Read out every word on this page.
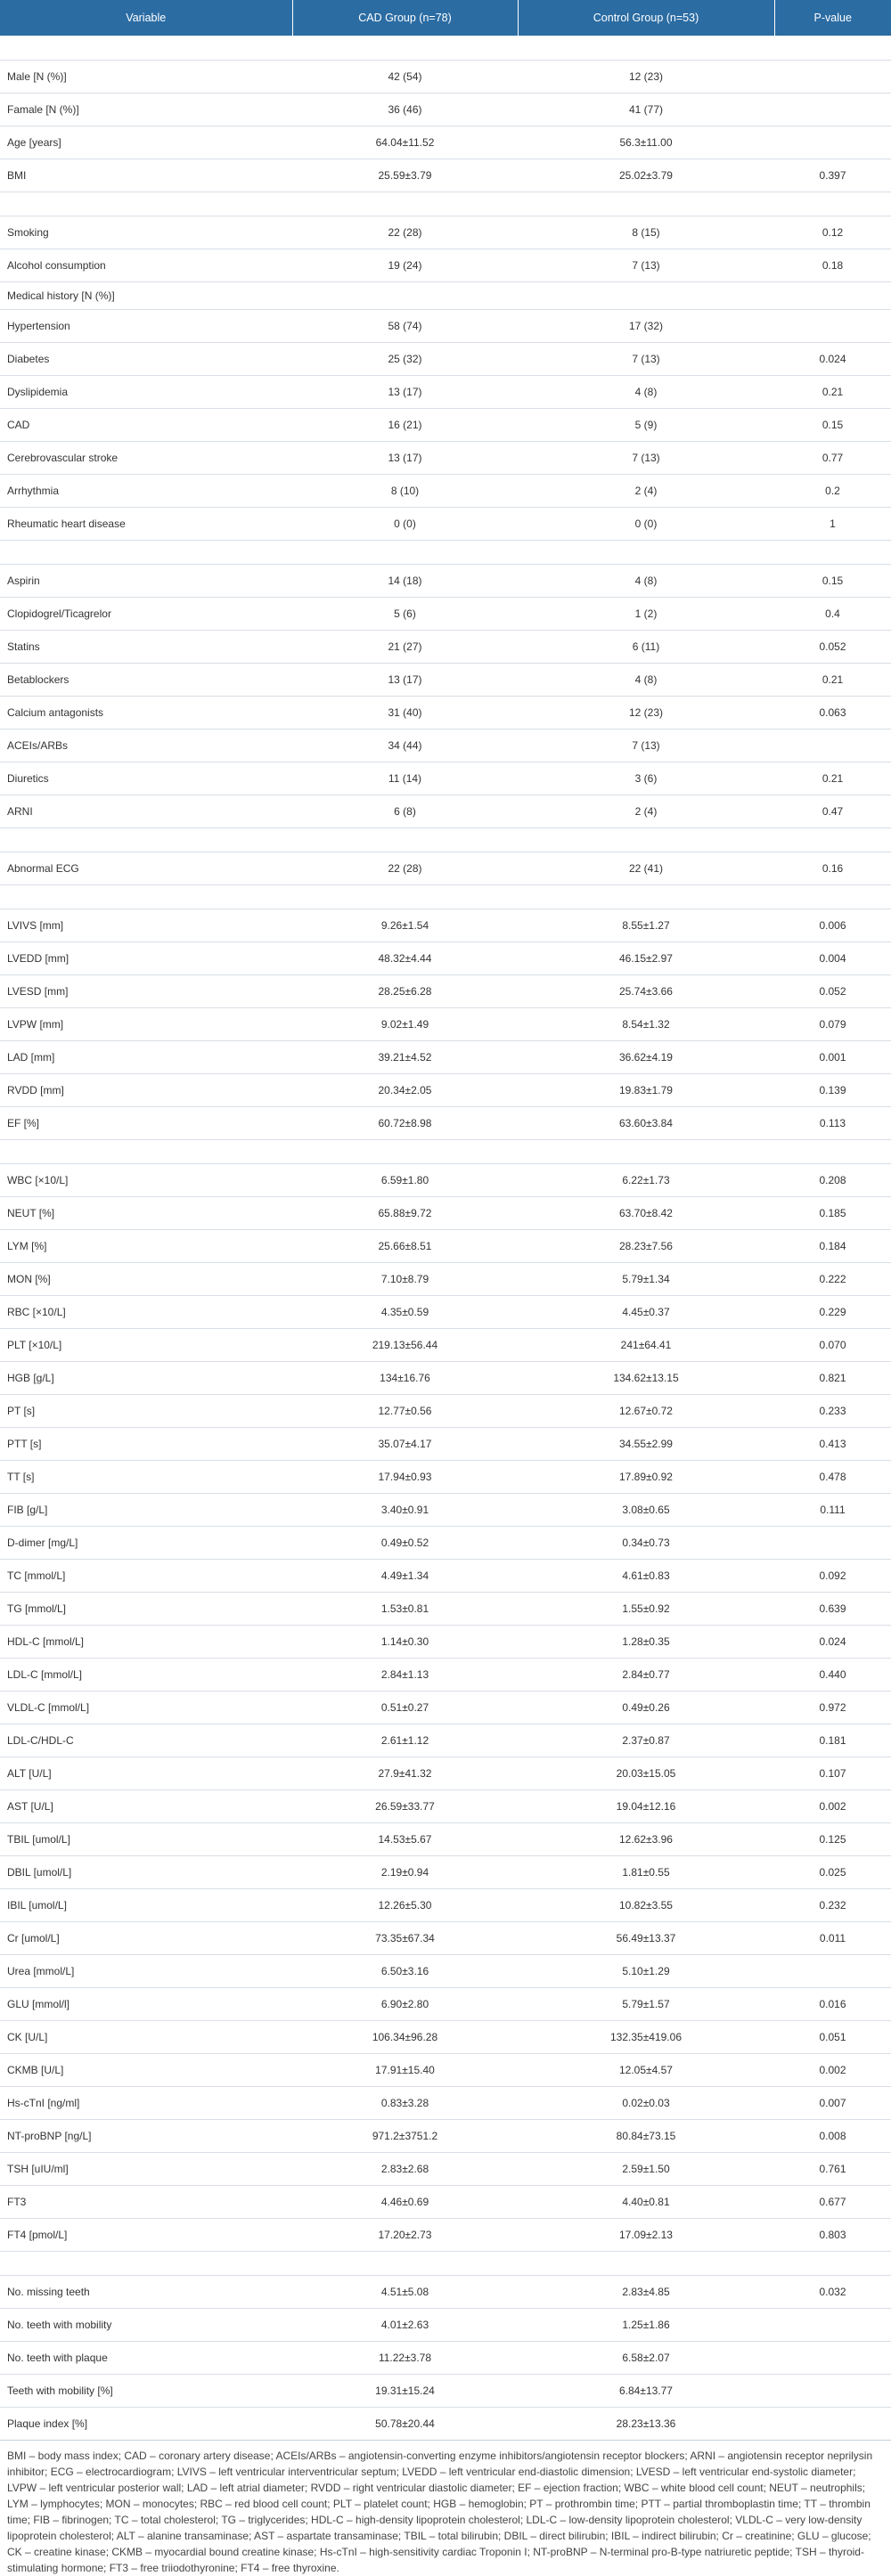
Variable	CAD Group (n=78)	Control Group (n=53)	P-value

Male [N (%)]	42 (54)	12 (23)	
Famale [N (%)]	36 (46)	41 (77)	
Age [years]	64.04±11.52	56.3±11.00	
BMI	25.59±3.79	25.02±3.79	0.397

Smoking	22 (28)	8 (15)	0.12
Alcohol consumption	19 (24)	7 (13)	0.18
Medical history [N (%)]			
Hypertension	58 (74)	17 (32)	
Diabetes	25 (32)	7 (13)	0.024
Dyslipidemia	13 (17)	4 (8)	0.21
CAD	16 (21)	5 (9)	0.15
Cerebrovascular stroke	13 (17)	7 (13)	0.77
Arrhythmia	8 (10)	2 (4)	0.2
Rheumatic heart disease	0 (0)	0 (0)	1

Aspirin	14 (18)	4 (8)	0.15
Clopidogrel/Ticagrelor	5 (6)	1 (2)	0.4
Statins	21 (27)	6 (11)	0.052
Betablockers	13 (17)	4 (8)	0.21
Calcium antagonists	31 (40)	12 (23)	0.063
ACEIs/ARBs	34 (44)	7 (13)	
Diuretics	11 (14)	3 (6)	0.21
ARNI	6 (8)	2 (4)	0.47

Abnormal ECG	22 (28)	22 (41)	0.16

LVIVS [mm]	9.26±1.54	8.55±1.27	0.006
LVEDD [mm]	48.32±4.44	46.15±2.97	0.004
LVESD [mm]	28.25±6.28	25.74±3.66	0.052
LVPW [mm]	9.02±1.49	8.54±1.32	0.079
LAD [mm]	39.21±4.52	36.62±4.19	0.001
RVDD [mm]	20.34±2.05	19.83±1.79	0.139
EF [%]	60.72±8.98	63.60±3.84	0.113

WBC [×10/L]	6.59±1.80	6.22±1.73	0.208
NEUT [%]	65.88±9.72	63.70±8.42	0.185
LYM [%]	25.66±8.51	28.23±7.56	0.184
MON [%]	7.10±8.79	5.79±1.34	0.222
RBC [×10/L]	4.35±0.59	4.45±0.37	0.229
PLT [×10/L]	219.13±56.44	241±64.41	0.070
HGB [g/L]	134±16.76	134.62±13.15	0.821
PT [s]	12.77±0.56	12.67±0.72	0.233
PTT [s]	35.07±4.17	34.55±2.99	0.413
TT [s]	17.94±0.93	17.89±0.92	0.478
FIB [g/L]	3.40±0.91	3.08±0.65	0.111
D-dimer [mg/L]	0.49±0.52	0.34±0.73	
TC [mmol/L]	4.49±1.34	4.61±0.83	0.092
TG [mmol/L]	1.53±0.81	1.55±0.92	0.639
HDL-C [mmol/L]	1.14±0.30	1.28±0.35	0.024
LDL-C [mmol/L]	2.84±1.13	2.84±0.77	0.440
VLDL-C [mmol/L]	0.51±0.27	0.49±0.26	0.972
LDL-C/HDL-C	2.61±1.12	2.37±0.87	0.181
ALT [U/L]	27.9±41.32	20.03±15.05	0.107
AST [U/L]	26.59±33.77	19.04±12.16	0.002
TBIL [umol/L]	14.53±5.67	12.62±3.96	0.125
DBIL [umol/L]	2.19±0.94	1.81±0.55	0.025
IBIL [umol/L]	12.26±5.30	10.82±3.55	0.232
Cr [umol/L]	73.35±67.34	56.49±13.37	0.011
Urea [mmol/L]	6.50±3.16	5.10±1.29	
GLU [mmol/l]	6.90±2.80	5.79±1.57	0.016
CK [U/L]	106.34±96.28	132.35±419.06	0.051
CKMB [U/L]	17.91±15.40	12.05±4.57	0.002
Hs-cTnI [ng/ml]	0.83±3.28	0.02±0.03	0.007
NT-proBNP [ng/L]	971.2±3751.2	80.84±73.15	0.008
TSH [uIU/ml]	2.83±2.68	2.59±1.50	0.761
FT3	4.46±0.69	4.40±0.81	0.677
FT4 [pmol/L]	17.20±2.73	17.09±2.13	0.803

No. missing teeth	4.51±5.08	2.83±4.85	0.032
No. teeth with mobility	4.01±2.63	1.25±1.86	
No. teeth with plaque	11.22±3.78	6.58±2.07	
Teeth with mobility [%]	19.31±15.24	6.84±13.77	
Plaque index [%]	50.78±20.44	28.23±13.36	
BMI – body mass index; CAD – coronary artery disease; ACEIs/ARBs – angiotensin-converting enzyme inhibitors/angiotensin receptor blockers; ARNI – angiotensin receptor neprilysin inhibitor; ECG – electrocardiogram; LVIVS – left ventricular interventricular septum; LVEDD – left ventricular end-diastolic dimension; LVESD – left ventricular end-systolic diameter; LVPW – left ventricular posterior wall; LAD – left atrial diameter; RVDD – right ventricular diastolic diameter; EF – ejection fraction; WBC – white blood cell count; NEUT – neutrophils; LYM – lymphocytes; MON – monocytes; RBC – red blood cell count; PLT – platelet count; HGB – hemoglobin; PT – prothrombin time; PTT – partial thromboplastin time; TT – thrombin time; FIB – fibrinogen; TC – total cholesterol; TG – triglycerides; HDL-C – high-density lipoprotein cholesterol; LDL-C – low-density lipoprotein cholesterol; VLDL-C – very low-density lipoprotein cholesterol; ALT – alanine transaminase; AST – aspartate transaminase; TBIL – total bilirubin; DBIL – direct bilirubin; IBIL – indirect bilirubin; Cr – creatinine; GLU – glucose; CK – creatine kinase; CKMB – myocardial bound creatine kinase; Hs-cTnI – high-sensitivity cardiac Troponin I; NT-proBNP – N-terminal pro-B-type natriuretic peptide; TSH – thyroid-stimulating hormone; FT3 – free triiodothyronine; FT4 – free thyroxine.
